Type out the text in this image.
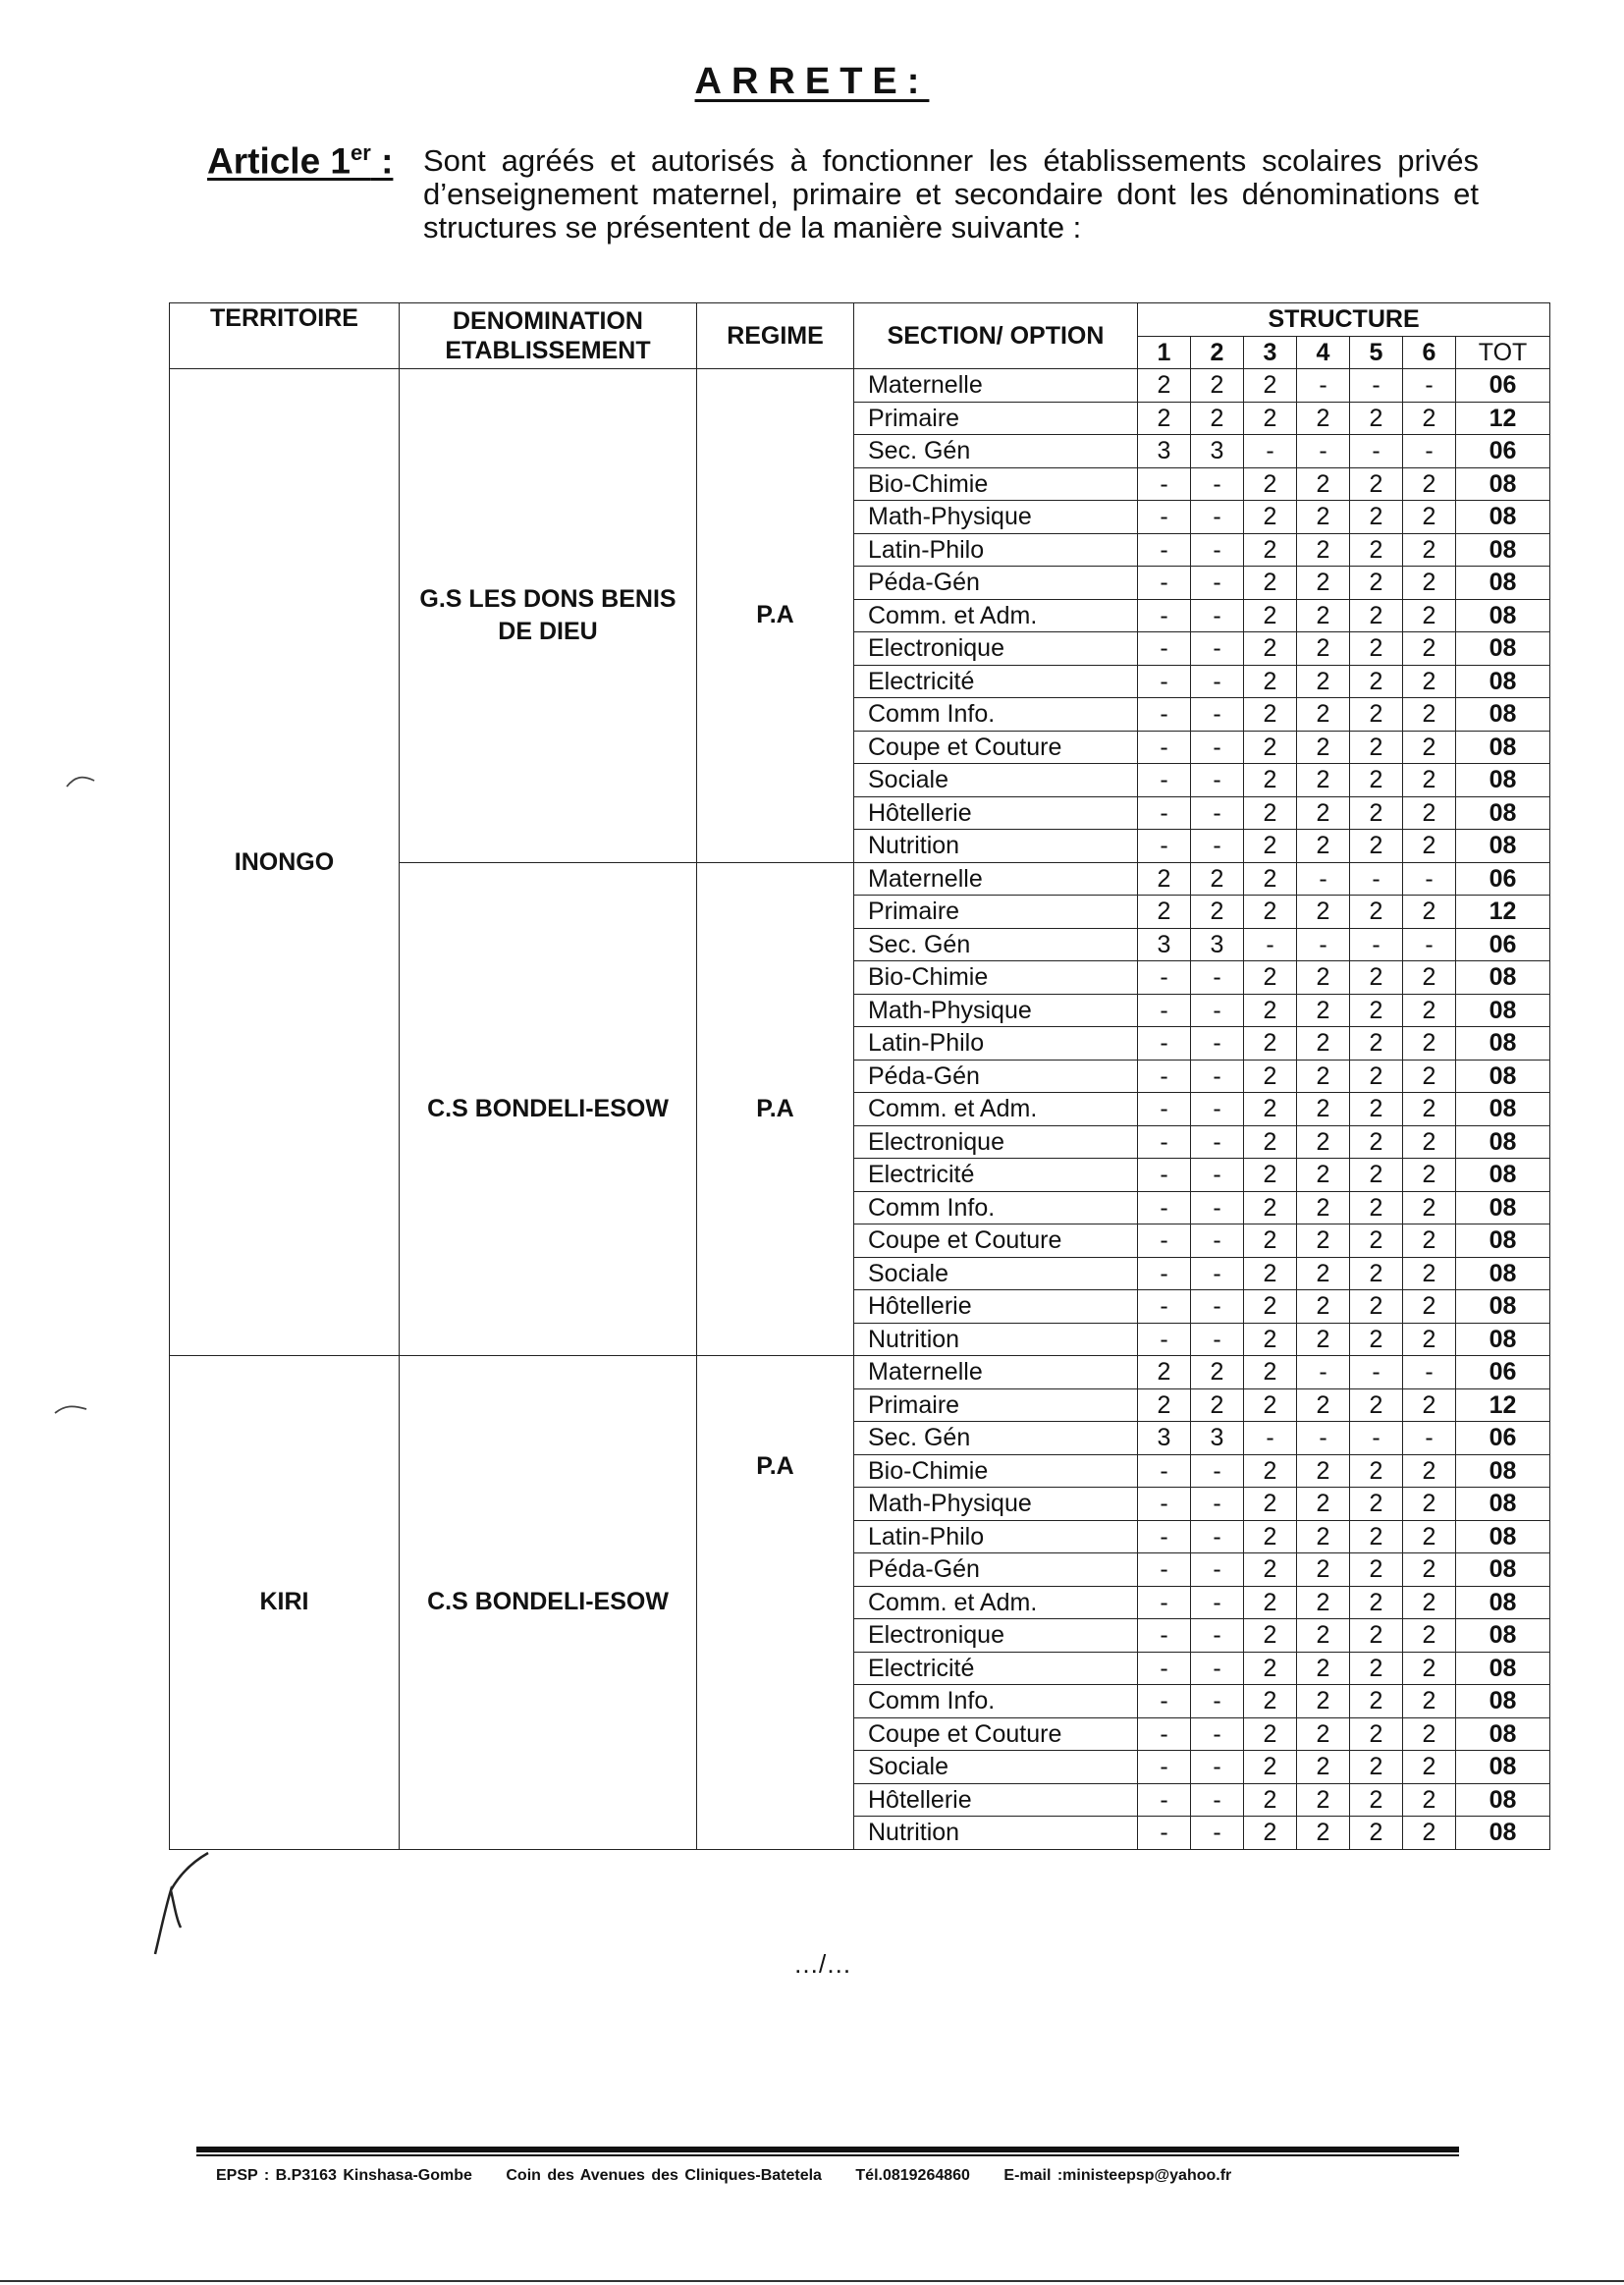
ARRETE:
Article 1er : Sont agréés et autorisés à fonctionner les établissements scolaires privés d’enseignement maternel, primaire et secondaire dont les dénominations et structures se présentent de la manière suivante :
TERRITOIRE	DENOMINATION ETABLISSEMENT	REGIME	SECTION/ OPTION	STRUCTURE						
				1	2	3	4	5	6	TOT
INONGO	G.S LES DONS BENIS DE DIEU	P.A	Maternelle	2	2	2	-	-	-	06
			Primaire	2	2	2	2	2	2	12
			Sec. Gén	3	3	-	-	-	-	06
			Bio-Chimie	-	-	2	2	2	2	08
			Math-Physique	-	-	2	2	2	2	08
			Latin-Philo	-	-	2	2	2	2	08
			Péda-Gén	-	-	2	2	2	2	08
			Comm. et Adm.	-	-	2	2	2	2	08
			Electronique	-	-	2	2	2	2	08
			Electricité	-	-	2	2	2	2	08
			Comm Info.	-	-	2	2	2	2	08
			Coupe et Couture	-	-	2	2	2	2	08
			Sociale	-	-	2	2	2	2	08
			Hôtellerie	-	-	2	2	2	2	08
			Nutrition	-	-	2	2	2	2	08
	C.S BONDELI-ESOW	P.A	Maternelle	2	2	2	-	-	-	06
			Primaire	2	2	2	2	2	2	12
			Sec. Gén	3	3	-	-	-	-	06
			Bio-Chimie	-	-	2	2	2	2	08
			Math-Physique	-	-	2	2	2	2	08
			Latin-Philo	-	-	2	2	2	2	08
			Péda-Gén	-	-	2	2	2	2	08
			Comm. et Adm.	-	-	2	2	2	2	08
			Electronique	-	-	2	2	2	2	08
			Electricité	-	-	2	2	2	2	08
			Comm Info.	-	-	2	2	2	2	08
			Coupe et Couture	-	-	2	2	2	2	08
			Sociale	-	-	2	2	2	2	08
			Hôtellerie	-	-	2	2	2	2	08
			Nutrition	-	-	2	2	2	2	08
KIRI	C.S BONDELI-ESOW	P.A	Maternelle	2	2	2	-	-	-	06
			Primaire	2	2	2	2	2	2	12
			Sec. Gén	3	3	-	-	-	-	06
			Bio-Chimie	-	-	2	2	2	2	08
			Math-Physique	-	-	2	2	2	2	08
			Latin-Philo	-	-	2	2	2	2	08
			Péda-Gén	-	-	2	2	2	2	08
			Comm. et Adm.	-	-	2	2	2	2	08
			Electronique	-	-	2	2	2	2	08
			Electricité	-	-	2	2	2	2	08
			Comm Info.	-	-	2	2	2	2	08
			Coupe et Couture	-	-	2	2	2	2	08
			Sociale	-	-	2	2	2	2	08
			Hôtellerie	-	-	2	2	2	2	08
			Nutrition	-	-	2	2	2	2	08
…/…
EPSP : B.P3163 Kinshasa-Gombe Coin des Avenues des Cliniques-Batetela Tél.0819264860 E-mail :ministeepsp@yahoo.fr
